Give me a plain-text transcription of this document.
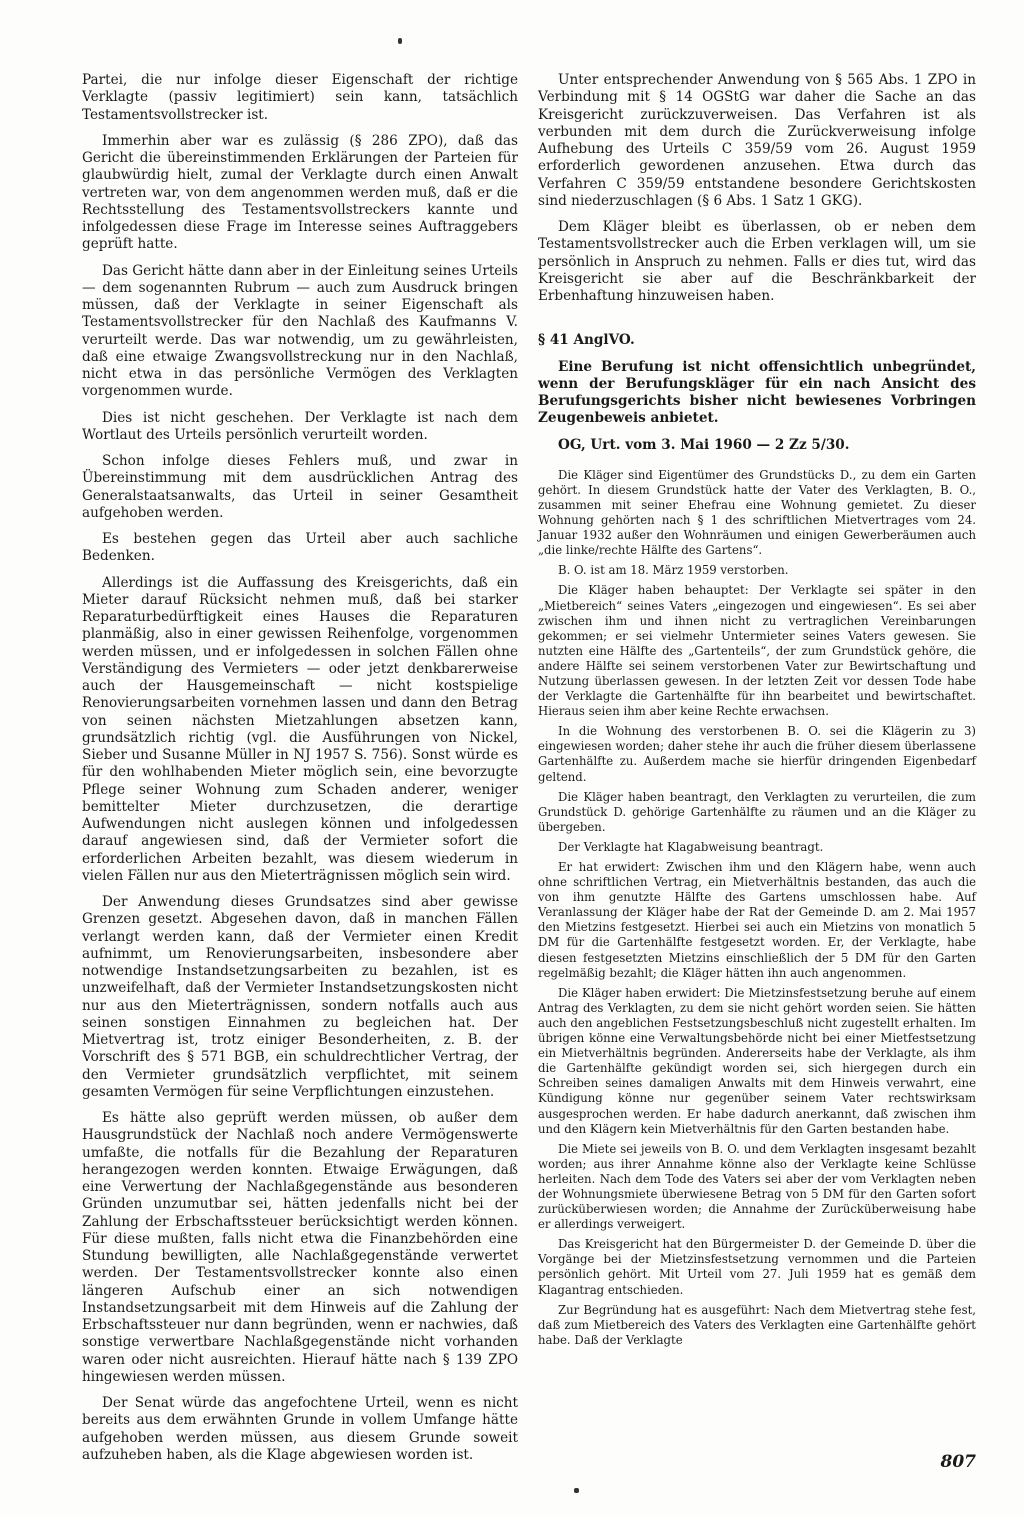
Partei, die nur infolge dieser Eigenschaft der richtige Verklagte (passiv legitimiert) sein kann, tatsächlich Testamentsvollstrecker ist.

Immerhin aber war es zulässig (§ 286 ZPO), daß das Gericht die übereinstimmenden Erklärungen der Parteien für glaubwürdig hielt, zumal der Verklagte durch einen Anwalt vertreten war, von dem angenommen werden muß, daß er die Rechtsstellung des Testamentsvollstreckers kannte und infolgedessen diese Frage im Interesse seines Auftraggebers geprüft hatte.

Das Gericht hätte dann aber in der Einleitung seines Urteils — dem sogenannten Rubrum — auch zum Ausdruck bringen müssen, daß der Verklagte in seiner Eigenschaft als Testamentsvollstrecker für den Nachlaß des Kaufmanns V. verurteilt werde. Das war notwendig, um zu gewährleisten, daß eine etwaige Zwangsvollstreckung nur in den Nachlaß, nicht etwa in das persönliche Vermögen des Verklagten vorgenommen wurde.

Dies ist nicht geschehen. Der Verklagte ist nach dem Wortlaut des Urteils persönlich verurteilt worden.

Schon infolge dieses Fehlers muß, und zwar in Übereinstimmung mit dem ausdrücklichen Antrag des Generalstaatsanwalts, das Urteil in seiner Gesamtheit aufgehoben werden.

Es bestehen gegen das Urteil aber auch sachliche Bedenken.

Allerdings ist die Auffassung des Kreisgerichts, daß ein Mieter darauf Rücksicht nehmen muß, daß bei starker Reparaturbedürftigkeit eines Hauses die Reparaturen planmäßig, also in einer gewissen Reihenfolge, vorgenommen werden müssen, und er infolgedessen in solchen Fällen ohne Verständigung des Vermieters — oder jetzt denkbarerweise auch der Hausgemeinschaft — nicht kostspielige Renovierungsarbeiten vornehmen lassen und dann den Betrag von seinen nächsten Mietzahlungen absetzen kann, grundsätzlich richtig (vgl. die Ausführungen von Nickel, Sieber und Susanne Müller in NJ 1957 S. 756). Sonst würde es für den wohlhabenden Mieter möglich sein, eine bevorzugte Pflege seiner Wohnung zum Schaden anderer, weniger bemittelter Mieter durchzusetzen, die derartige Aufwendungen nicht auslegen können und infolgedessen darauf angewiesen sind, daß der Vermieter sofort die erforderlichen Arbeiten bezahlt, was diesem wiederum in vielen Fällen nur aus den Mieterträgnissen möglich sein wird.

Der Anwendung dieses Grundsatzes sind aber gewisse Grenzen gesetzt. Abgesehen davon, daß in manchen Fällen verlangt werden kann, daß der Vermieter einen Kredit aufnimmt, um Renovierungsarbeiten, insbesondere aber notwendige Instandsetzungsarbeiten zu bezahlen, ist es unzweifelhaft, daß der Vermieter Instandsetzungskosten nicht nur aus den Mieterträgnissen, sondern notfalls auch aus seinen sonstigen Einnahmen zu begleichen hat. Der Mietvertrag ist, trotz einiger Besonderheiten, z. B. der Vorschrift des § 571 BGB, ein schuldrechtlicher Vertrag, der den Vermieter grundsätzlich verpflichtet, mit seinem gesamten Vermögen für seine Verpflichtungen einzustehen.

Es hätte also geprüft werden müssen, ob außer dem Hausgrundstück der Nachlaß noch andere Vermögenswerte umfaßte, die notfalls für die Bezahlung der Reparaturen herangezogen werden konnten. Etwaige Erwägungen, daß eine Verwertung der Nachlaßgegenstände aus besonderen Gründen unzumutbar sei, hätten jedenfalls nicht bei der Zahlung der Erbschaftssteuer berücksichtigt werden können. Für diese mußten, falls nicht etwa die Finanzbehörden eine Stundung bewilligten, alle Nachlaßgegenstände verwertet werden. Der Testamentsvollstrecker konnte also einen längeren Aufschub einer an sich notwendigen Instandsetzungsarbeit mit dem Hinweis auf die Zahlung der Erbschaftssteuer nur dann begründen, wenn er nachwies, daß sonstige verwertbare Nachlaßgegenstände nicht vorhanden waren oder nicht ausreichten. Hierauf hätte nach § 139 ZPO hingewiesen werden müssen.

Der Senat würde das angefochtene Urteil, wenn es nicht bereits aus dem erwähnten Grunde in vollem Umfange hätte aufgehoben werden müssen, aus diesem Grunde soweit aufzuheben haben, als die Klage abgewiesen worden ist.

Unter entsprechender Anwendung von § 565 Abs. 1 ZPO in Verbindung mit § 14 OGStG war daher die Sache an das Kreisgericht zurückzuverweisen. Das Verfahren ist als verbunden mit dem durch die Zurückverweisung infolge Aufhebung des Urteils C 359/59 vom 26. August 1959 erforderlich gewordenen anzusehen. Etwa durch das Verfahren C 359/59 entstandene besondere Gerichtskosten sind niederzuschlagen (§ 6 Abs. 1 Satz 1 GKG).

Dem Kläger bleibt es überlassen, ob er neben dem Testamentsvollstrecker auch die Erben verklagen will, um sie persönlich in Anspruch zu nehmen. Falls er dies tut, wird das Kreisgericht sie aber auf die Beschränkbarkeit der Erbenhaftung hinzuweisen haben.

§ 41 AnglVO.

Eine Berufung ist nicht offensichtlich unbegründet, wenn der Berufungskläger für ein nach Ansicht des Berufungsgerichts bisher nicht bewiesenes Vorbringen Zeugenbeweis anbietet.

OG, Urt. vom 3. Mai 1960 — 2 Zz 5/30.

Die Kläger sind Eigentümer des Grundstücks D., zu dem ein Garten gehört. In diesem Grundstück hatte der Vater des Verklagten, B. O., zusammen mit seiner Ehefrau eine Wohnung gemietet. Zu dieser Wohnung gehörten nach § 1 des schriftlichen Mietvertrages vom 24. Januar 1932 außer den Wohnräumen und einigen Gewerberäumen auch „die linke/rechte Hälfte des Gartens“.

B. O. ist am 18. März 1959 verstorben.

Die Kläger haben behauptet: Der Verklagte sei später in den „Mietbereich“ seines Vaters „eingezogen und eingewiesen“. Es sei aber zwischen ihm und ihnen nicht zu vertraglichen Vereinbarungen gekommen; er sei vielmehr Untermieter seines Vaters gewesen. Sie nutzten eine Hälfte des „Gartenteils“, der zum Grundstück gehöre, die andere Hälfte sei seinem verstorbenen Vater zur Bewirtschaftung und Nutzung überlassen gewesen. In der letzten Zeit vor dessen Tode habe der Verklagte die Gartenhälfte für ihn bearbeitet und bewirtschaftet. Hieraus seien ihm aber keine Rechte erwachsen.

In die Wohnung des verstorbenen B. O. sei die Klägerin zu 3) eingewiesen worden; daher stehe ihr auch die früher diesem überlassene Gartenhälfte zu. Außerdem mache sie hierfür dringenden Eigenbedarf geltend.

Die Kläger haben beantragt, den Verklagten zu verurteilen, die zum Grundstück D. gehörige Gartenhälfte zu räumen und an die Kläger zu übergeben.

Der Verklagte hat Klagabweisung beantragt.

Er hat erwidert: Zwischen ihm und den Klägern habe, wenn auch ohne schriftlichen Vertrag, ein Mietverhältnis bestanden, das auch die von ihm genutzte Hälfte des Gartens umschlossen habe. Auf Veranlassung der Kläger habe der Rat der Gemeinde D. am 2. Mai 1957 den Mietzins festgesetzt. Hierbei sei auch ein Mietzins von monatlich 5 DM für die Gartenhälfte festgesetzt worden. Er, der Verklagte, habe diesen festgesetzten Mietzins einschließlich der 5 DM für den Garten regelmäßig bezahlt; die Kläger hätten ihn auch angenommen.

Die Kläger haben erwidert: Die Mietzinsfestsetzung beruhe auf einem Antrag des Verklagten, zu dem sie nicht gehört worden seien. Sie hätten auch den angeblichen Festsetzungsbeschluß nicht zugestellt erhalten. Im übrigen könne eine Verwaltungsbehörde nicht bei einer Mietfestsetzung ein Mietverhältnis begründen. Andererseits habe der Verklagte, als ihm die Gartenhälfte gekündigt worden sei, sich hiergegen durch ein Schreiben seines damaligen Anwalts mit dem Hinweis verwahrt, eine Kündigung könne nur gegenüber seinem Vater rechtswirksam ausgesprochen werden. Er habe dadurch anerkannt, daß zwischen ihm und den Klägern kein Mietverhältnis für den Garten bestanden habe.

Die Miete sei jeweils von B. O. und dem Verklagten insgesamt bezahlt worden; aus ihrer Annahme könne also der Verklagte keine Schlüsse herleiten. Nach dem Tode des Vaters sei aber der vom Verklagten neben der Wohnungsmiete überwiesene Betrag von 5 DM für den Garten sofort zurücküberwiesen worden; die Annahme der Zurücküberweisung habe er allerdings verweigert.

Das Kreisgericht hat den Bürgermeister D. der Gemeinde D. über die Vorgänge bei der Mietzinsfestsetzung vernommen und die Parteien persönlich gehört. Mit Urteil vom 27. Juli 1959 hat es gemäß dem Klagantrag entschieden.

Zur Begründung hat es ausgeführt: Nach dem Mietvertrag stehe fest, daß zum Mietbereich des Vaters des Verklagten eine Gartenhälfte gehört habe. Daß der Verklagte

807
